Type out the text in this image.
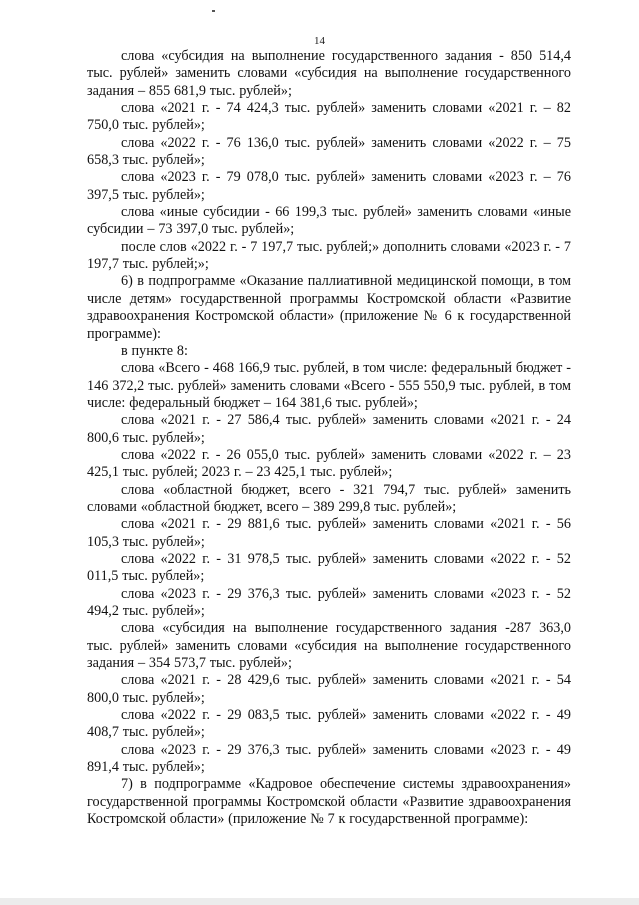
14

слова «субсидия на выполнение государственного задания - 850 514,4 тыс. рублей» заменить словами «субсидия на выполнение государственного задания – 855 681,9 тыс. рублей»;

слова «2021 г. - 74 424,3 тыс. рублей» заменить словами «2021 г. – 82 750,0 тыс. рублей»;

слова «2022 г. - 76 136,0 тыс. рублей» заменить словами «2022 г. – 75 658,3 тыс. рублей»;

слова «2023 г. - 79 078,0 тыс. рублей» заменить словами «2023 г. – 76 397,5 тыс. рублей»;

слова «иные субсидии - 66 199,3 тыс. рублей» заменить словами «иные субсидии – 73 397,0 тыс. рублей»;

после слов «2022 г. - 7 197,7 тыс. рублей;» дополнить словами «2023 г. - 7 197,7 тыс. рублей;»;

6) в подпрограмме «Оказание паллиативной медицинской помощи, в том числе детям» государственной программы Костромской области «Развитие здравоохранения Костромской области» (приложение № 6 к государственной программе):

в пункте 8:

слова «Всего - 468 166,9 тыс. рублей, в том числе: федеральный бюджет - 146 372,2 тыс. рублей» заменить словами «Всего - 555 550,9 тыс. рублей, в том числе: федеральный бюджет – 164 381,6 тыс. рублей»;

слова «2021 г. - 27 586,4 тыс. рублей» заменить словами «2021 г. - 24 800,6 тыс. рублей»;

слова «2022 г. - 26 055,0 тыс. рублей» заменить словами «2022 г. – 23 425,1 тыс. рублей; 2023 г. – 23 425,1 тыс. рублей»;

слова «областной бюджет, всего - 321 794,7 тыс. рублей» заменить словами «областной бюджет, всего – 389 299,8 тыс. рублей»;

слова «2021 г. - 29 881,6 тыс. рублей» заменить словами «2021 г. - 56 105,3 тыс. рублей»;

слова «2022 г. - 31 978,5 тыс. рублей» заменить словами «2022 г. - 52 011,5 тыс. рублей»;

слова «2023 г. - 29 376,3 тыс. рублей» заменить словами «2023 г. - 52 494,2 тыс. рублей»;

слова «субсидия на выполнение государственного задания -287 363,0 тыс. рублей» заменить словами «субсидия на выполнение государственного задания – 354 573,7 тыс. рублей»;

слова «2021 г. - 28 429,6 тыс. рублей» заменить словами «2021 г. - 54 800,0 тыс. рублей»;

слова «2022 г. - 29 083,5 тыс. рублей» заменить словами «2022 г. - 49 408,7 тыс. рублей»;

слова «2023 г. - 29 376,3 тыс. рублей» заменить словами «2023 г. - 49 891,4 тыс. рублей»;

7) в подпрограмме «Кадровое обеспечение системы здравоохранения» государственной программы Костромской области «Развитие здравоохранения Костромской области» (приложение № 7 к государственной программе):
